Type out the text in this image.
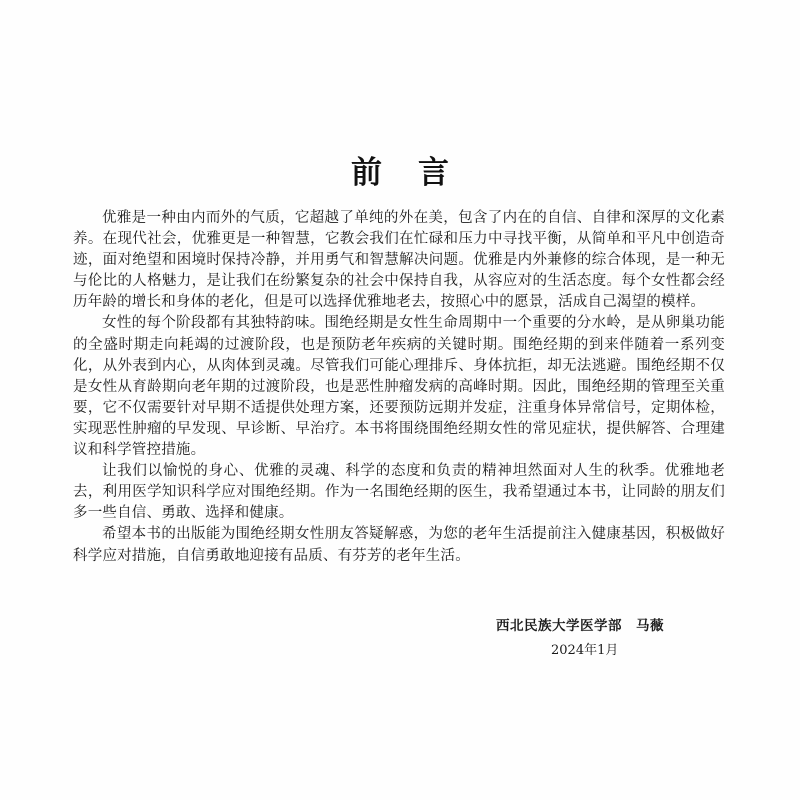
前言

优雅是一种由内而外的气质，它超越了单纯的外在美，包含了内在的自信、自律和深厚的文化素养。在现代社会，优雅更是一种智慧，它教会我们在忙碌和压力中寻找平衡，从简单和平凡中创造奇迹，面对绝望和困境时保持冷静，并用勇气和智慧解决问题。优雅是内外兼修的综合体现，是一种无与伦比的人格魅力，是让我们在纷繁复杂的社会中保持自我，从容应对的生活态度。每个女性都会经历年龄的增长和身体的老化，但是可以选择优雅地老去，按照心中的愿景，活成自己渴望的模样。

女性的每个阶段都有其独特韵味。围绝经期是女性生命周期中一个重要的分水岭，是从卵巢功能的全盛时期走向耗竭的过渡阶段，也是预防老年疾病的关键时期。围绝经期的到来伴随着一系列变化，从外表到内心，从肉体到灵魂。尽管我们可能心理排斥、身体抗拒，却无法逃避。围绝经期不仅是女性从育龄期向老年期的过渡阶段，也是恶性肿瘤发病的高峰时期。因此，围绝经期的管理至关重要，它不仅需要针对早期不适提供处理方案，还要预防远期并发症，注重身体异常信号，定期体检，实现恶性肿瘤的早发现、早诊断、早治疗。本书将围绕围绝经期女性的常见症状，提供解答、合理建议和科学管控措施。

让我们以愉悦的身心、优雅的灵魂、科学的态度和负责的精神坦然面对人生的秋季。优雅地老去，利用医学知识科学应对围绝经期。作为一名围绝经期的医生，我希望通过本书，让同龄的朋友们多一些自信、勇敢、选择和健康。

希望本书的出版能为围绝经期女性朋友答疑解惑，为您的老年生活提前注入健康基因，积极做好科学应对措施，自信勇敢地迎接有品质、有芬芳的老年生活。

西北民族大学医学部　马薇
2024年1月
